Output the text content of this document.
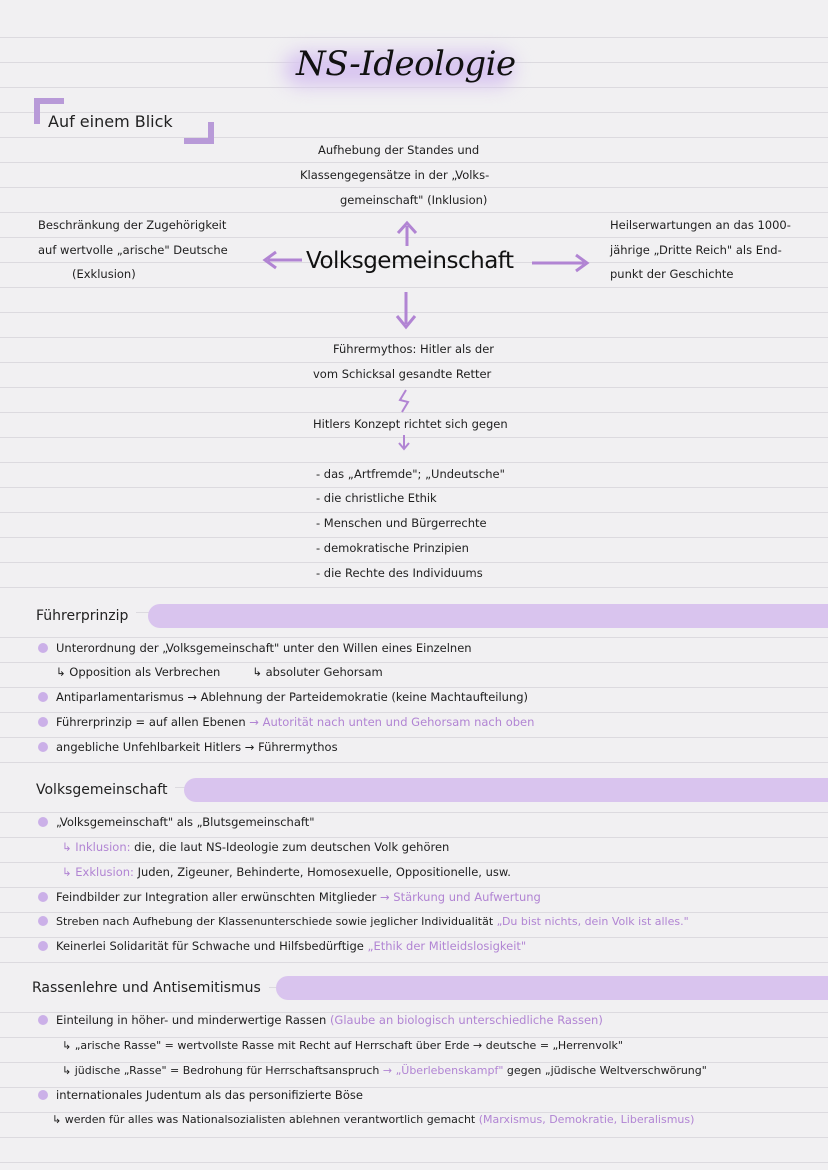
NS-Ideologie
Auf einem Blick
Aufhebung der Standes und
Klassengegensätze in der „Volks-
gemeinschaft" (Inklusion)
Beschränkung der Zugehörigkeit
auf wertvolle „arische" Deutsche
(Exklusion)
Heilserwartungen an das 1000-
jährige „Dritte Reich" als End-
punkt der Geschichte
Volksgemeinschaft
Führermythos: Hitler als der
vom Schicksal gesandte Retter
Hitlers Konzept richtet sich gegen
- das „Artfremde"; „Undeutsche"
- die christliche Ethik
- Menschen und Bürgerrechte
- demokratische Prinzipien
- die Rechte des Individuums
Führerprinzip
Unterordnung der „Volksgemeinschaft" unter den Willen eines Einzelnen
↳ Opposition als Verbrechen	↳ absoluter Gehorsam
Antiparlamentarismus → Ablehnung der Parteidemokratie (keine Machtaufteilung)
Führerprinzip = auf allen Ebenen → Autorität nach unten und Gehorsam nach oben
angebliche Unfehlbarkeit Hitlers → Führermythos
Volksgemeinschaft
„Volksgemeinschaft" als „Blutsgemeinschaft"
↳ Inklusion: die, die laut NS-Ideologie zum deutschen Volk gehören
↳ Exklusion: Juden, Zigeuner, Behinderte, Homosexuelle, Oppositionelle, usw.
Feindbilder zur Integration aller erwünschten Mitglieder → Stärkung und Aufwertung
Streben nach Aufhebung der Klassenunterschiede sowie jeglicher Individualität „Du bist nichts, dein Volk ist alles."
Keinerlei Solidarität für Schwache und Hilfsbedürftige „Ethik der Mitleidslosigkeit"
Rassenlehre und Antisemitismus
Einteilung in höher- und minderwertige Rassen (Glaube an biologisch unterschiedliche Rassen)
↳ „arische Rasse" = wertvollste Rasse mit Recht auf Herrschaft über Erde → deutsche = „Herrenvolk"
↳ jüdische „Rasse" = Bedrohung für Herrschaftsanspruch → „Überlebenskampf" gegen „jüdische Weltverschwörung"
internationales Judentum als das personifizierte Böse
↳ werden für alles was Nationalsozialisten ablehnen verantwortlich gemacht (Marxismus, Demokratie, Liberalismus)
